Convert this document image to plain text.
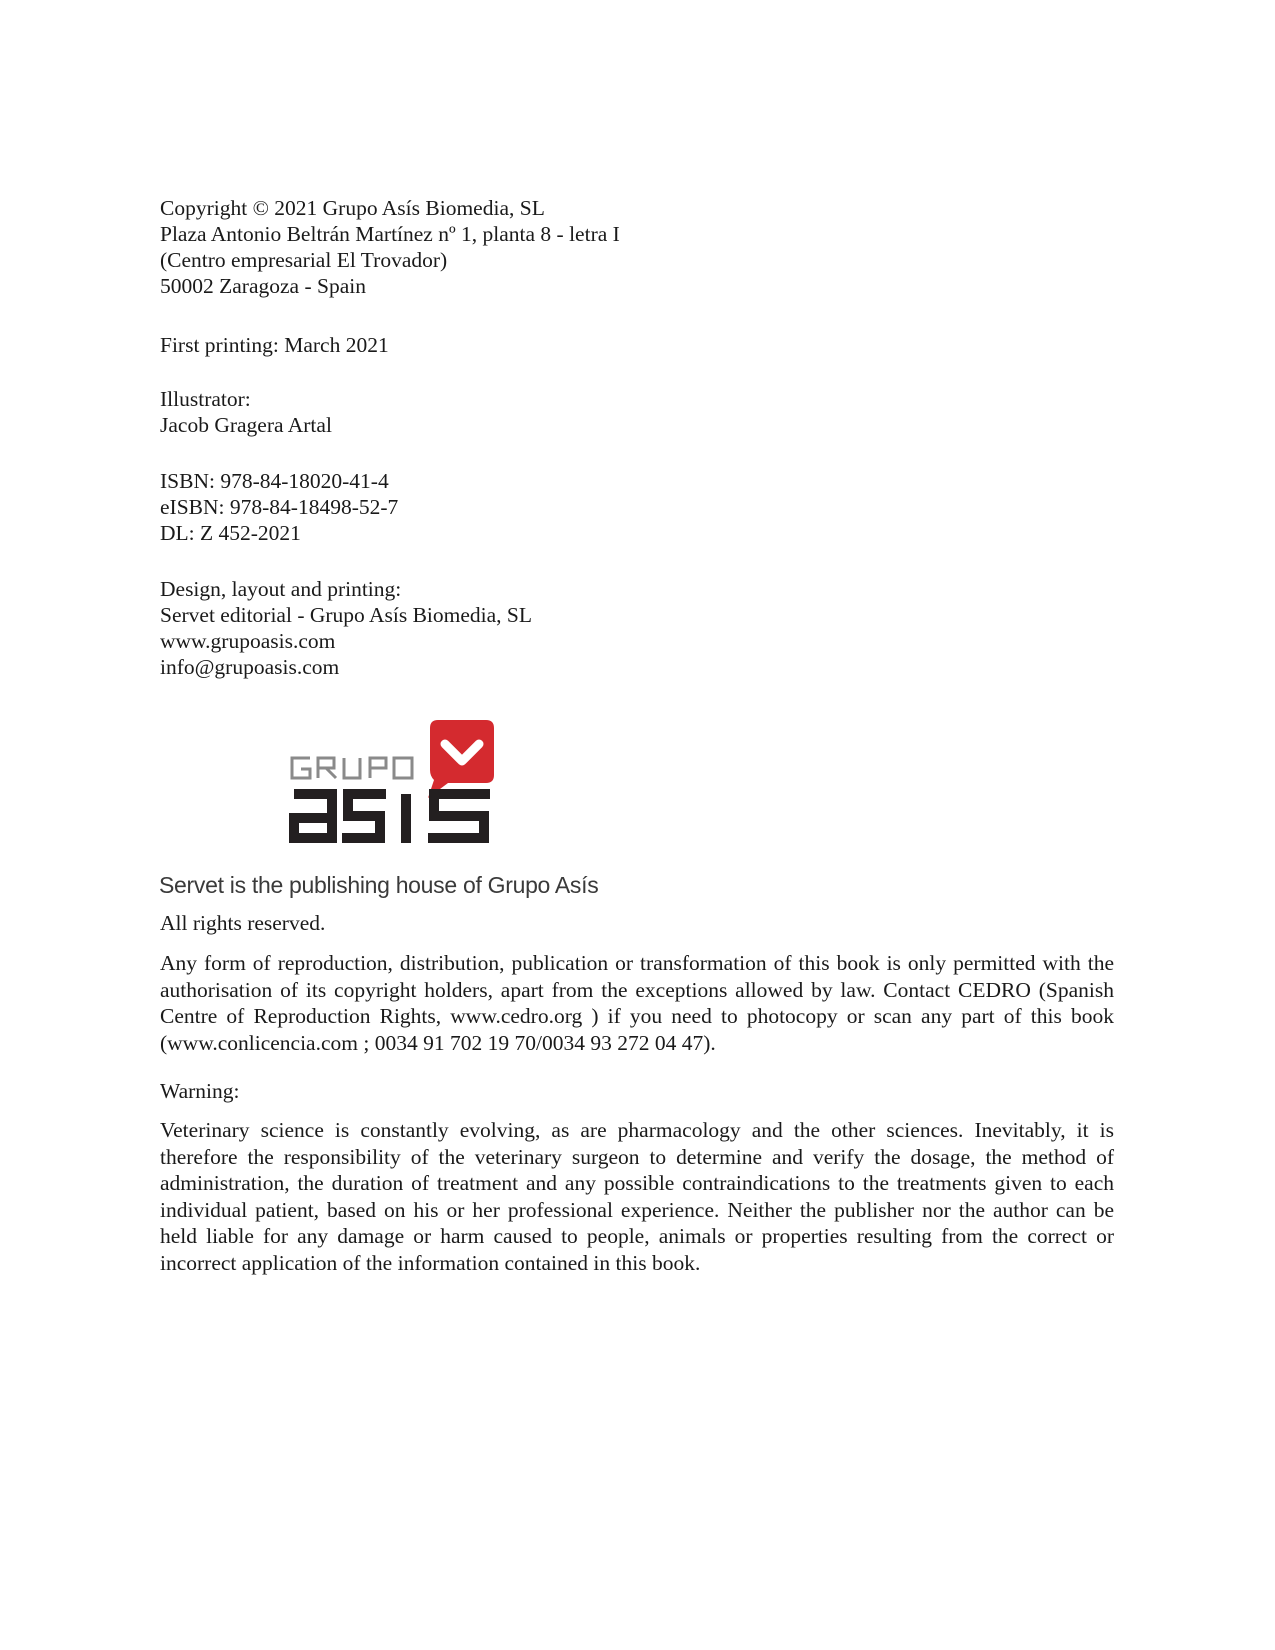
Copyright © 2021 Grupo Asís Biomedia, SL
Plaza Antonio Beltrán Martínez nº 1, planta 8 - letra I
(Centro empresarial El Trovador)
50002 Zaragoza - Spain

First printing: March 2021

Illustrator:
Jacob Gragera Artal

ISBN: 978-84-18020-41-4
eISBN: 978-84-18498-52-7
DL: Z 452-2021

Design, layout and printing:
Servet editorial - Grupo Asís Biomedia, SL
www.grupoasis.com
info@grupoasis.com

Servet is the publishing house of Grupo Asís

All rights reserved.

Any form of reproduction, distribution, publication or transformation of this book is only permitted with the authorisation of its copyright holders, apart from the exceptions allowed by law. Contact CEDRO (Spanish Centre of Reproduction Rights, www.cedro.org ) if you need to photocopy or scan any part of this book (www.conlicencia.com ; 0034 91 702 19 70/0034 93 272 04 47).

Warning:

Veterinary science is constantly evolving, as are pharmacology and the other sciences. Inevitably, it is therefore the responsibility of the veterinary surgeon to determine and verify the dosage, the method of administration, the duration of treatment and any possible contraindications to the treatments given to each individual patient, based on his or her professional experience. Neither the publisher nor the author can be held liable for any damage or harm caused to people, animals or properties resulting from the correct or incorrect application of the information contained in this book.
